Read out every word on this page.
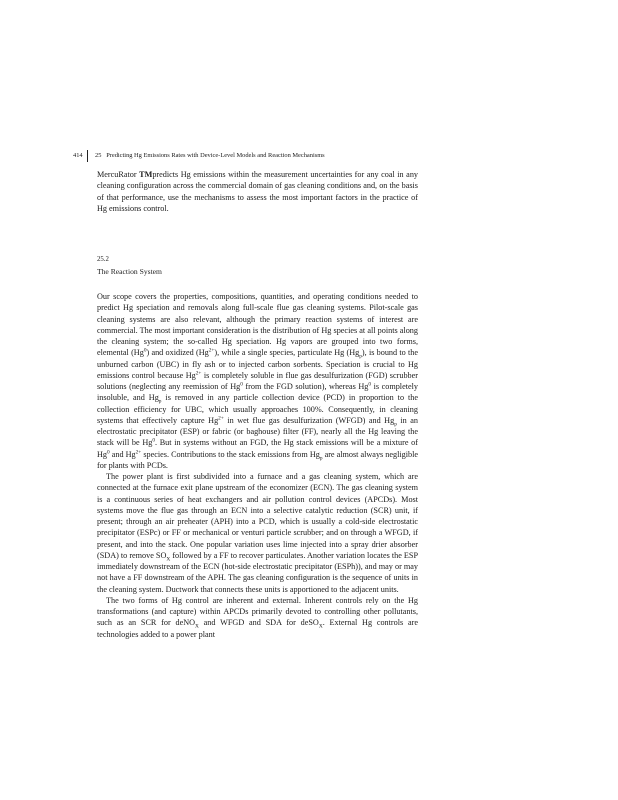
414 25 Predicting Hg Emissions Rates with Device-Level Models and Reaction Mechanisms

MercuRator TMpredicts Hg emissions within the measurement uncertainties for any coal in any cleaning configuration across the commercial domain of gas cleaning conditions and, on the basis of that performance, use the mechanisms to assess the most important factors in the practice of Hg emissions control.

25.2
The Reaction System

Our scope covers the properties, compositions, quantities, and operating conditions needed to predict Hg speciation and removals along full-scale flue gas cleaning systems. Pilot-scale gas cleaning systems are also relevant, although the primary reaction systems of interest are commercial. The most important consideration is the distribution of Hg species at all points along the cleaning system; the so-called Hg speciation. Hg vapors are grouped into two forms, elemental (Hg$^0$) and oxidized $(Hg^{2+})$, while a single species, particulate Hg $(Hg_p)$, is bound to the unburned carbon (UBC) in fly ash or to injected carbon sorbents. Speciation is crucial to Hg emissions control because $Hg^{2+}$ is completely soluble in flue gas desulfurization (FGD) scrubber solutions (neglecting any reemission of Hg$^0$ from the FGD solution), whereas Hg$^0$ is completely insoluble, and $Hg_p$ is removed in any particle collection device (PCD) in proportion to the collection efficiency for UBC, which usually approaches 100%. Consequently, in cleaning systems that effectively capture $Hg^{2+}$ in wet flue gas desulfurization (WFGD) and $Hg_p$ in an electrostatic precipitator (ESP) or fabric (or baghouse) filter (FF), nearly all the Hg leaving the stack will be Hg$^0$. But in systems without an FGD, the Hg stack emissions will be a mixture of Hg$^0$ and $Hg^{2+}$ species. Contributions to the stack emissions from $Hg_p$ are almost always negligible for plants with PCDs.

The power plant is first subdivided into a furnace and a gas cleaning system, which are connected at the furnace exit plane upstream of the economizer (ECN). The gas cleaning system is a continuous series of heat exchangers and air pollution control devices (APCDs). Most systems move the flue gas through an ECN into a selective catalytic reduction (SCR) unit, if present; through an air preheater (APH) into a PCD, which is usually a cold-side electrostatic precipitator (ESPc) or FF or mechanical or venturi particle scrubber; and on through a WFGD, if present, and into the stack. One popular variation uses lime injected into a spray drier absorber (SDA) to remove $SO_X$ followed by a FF to recover particulates. Another variation locates the ESP immediately downstream of the ECN (hot-side electrostatic precipitator (ESPh)), and may or may not have a FF downstream of the APH. The gas cleaning configuration is the sequence of units in the cleaning system. Ductwork that connects these units is apportioned to the adjacent units.

The two forms of Hg control are inherent and external. Inherent controls rely on the Hg transformations (and capture) within APCDs primarily devoted to controlling other pollutants, such as an SCR for deNO$_X$ and WFGD and SDA for deSO$_X$. External Hg controls are technologies added to a power plant
